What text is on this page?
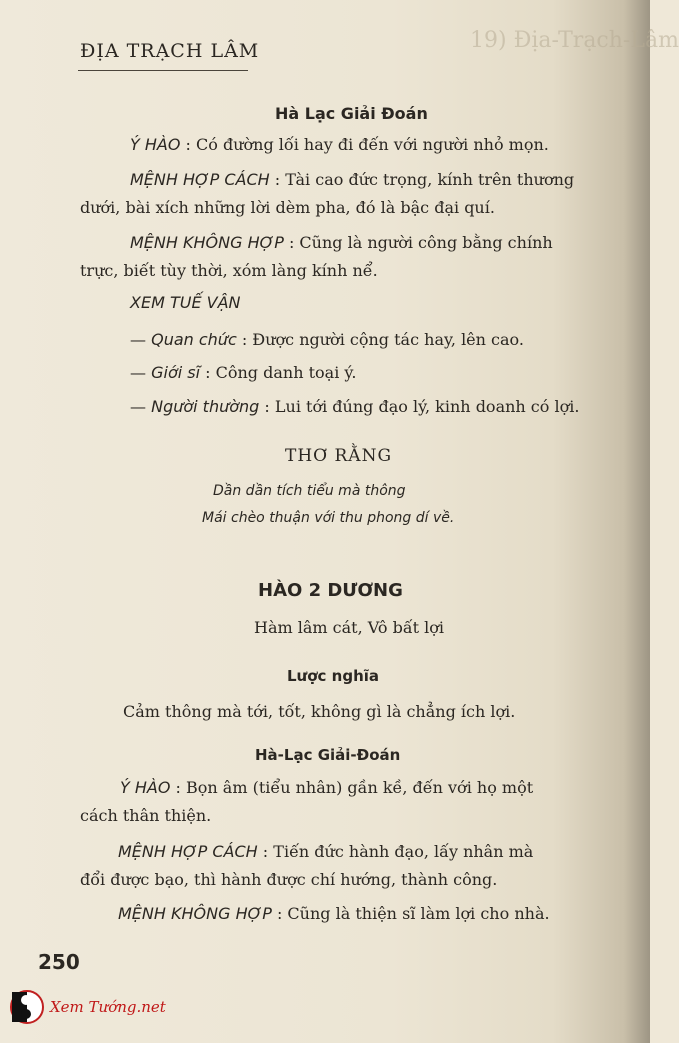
19) Địa-Trạch-Lâm
ĐỊA TRẠCH LÂM
Hà Lạc Giải Đoán
Ý HÀO : Có đường lối hay đi đến với người nhỏ mọn.
MỆNH HỢP CÁCH : Tài cao đức trọng, kính trên thương
dưới, bài xích những lời dèm pha, đó là bậc đại quí.
MỆNH KHÔNG HỢP : Cũng là người công bằng chính
trực, biết tùy thời, xóm làng kính nể.
XEM TUẾ VẬN
— Quan chức : Được người cộng tác hay, lên cao.
— Giới sĩ : Công danh toại ý.
— Người thường : Lui tới đúng đạo lý, kinh doanh có lợi.
THƠ RẰNG
Dần dần tích tiểu mà thông
Mái chèo thuận với thu phong dí về.
HÀO 2 DƯƠNG
Hàm lâm cát, Vô bất lợi
Lược nghĩa
Cảm thông mà tới, tốt, không gì là chẳng ích lợi.
Hà-Lạc Giải-Đoán
Ý HÀO : Bọn âm (tiểu nhân) gần kề, đến với họ một
cách thân thiện.
MỆNH HỢP CÁCH : Tiến đức hành đạo, lấy nhân mà
đổi được bạo, thì hành được chí hướng, thành công.
MỆNH KHÔNG HỢP : Cũng là thiện sĩ làm lợi cho nhà.
250
Xem Tướng.net
